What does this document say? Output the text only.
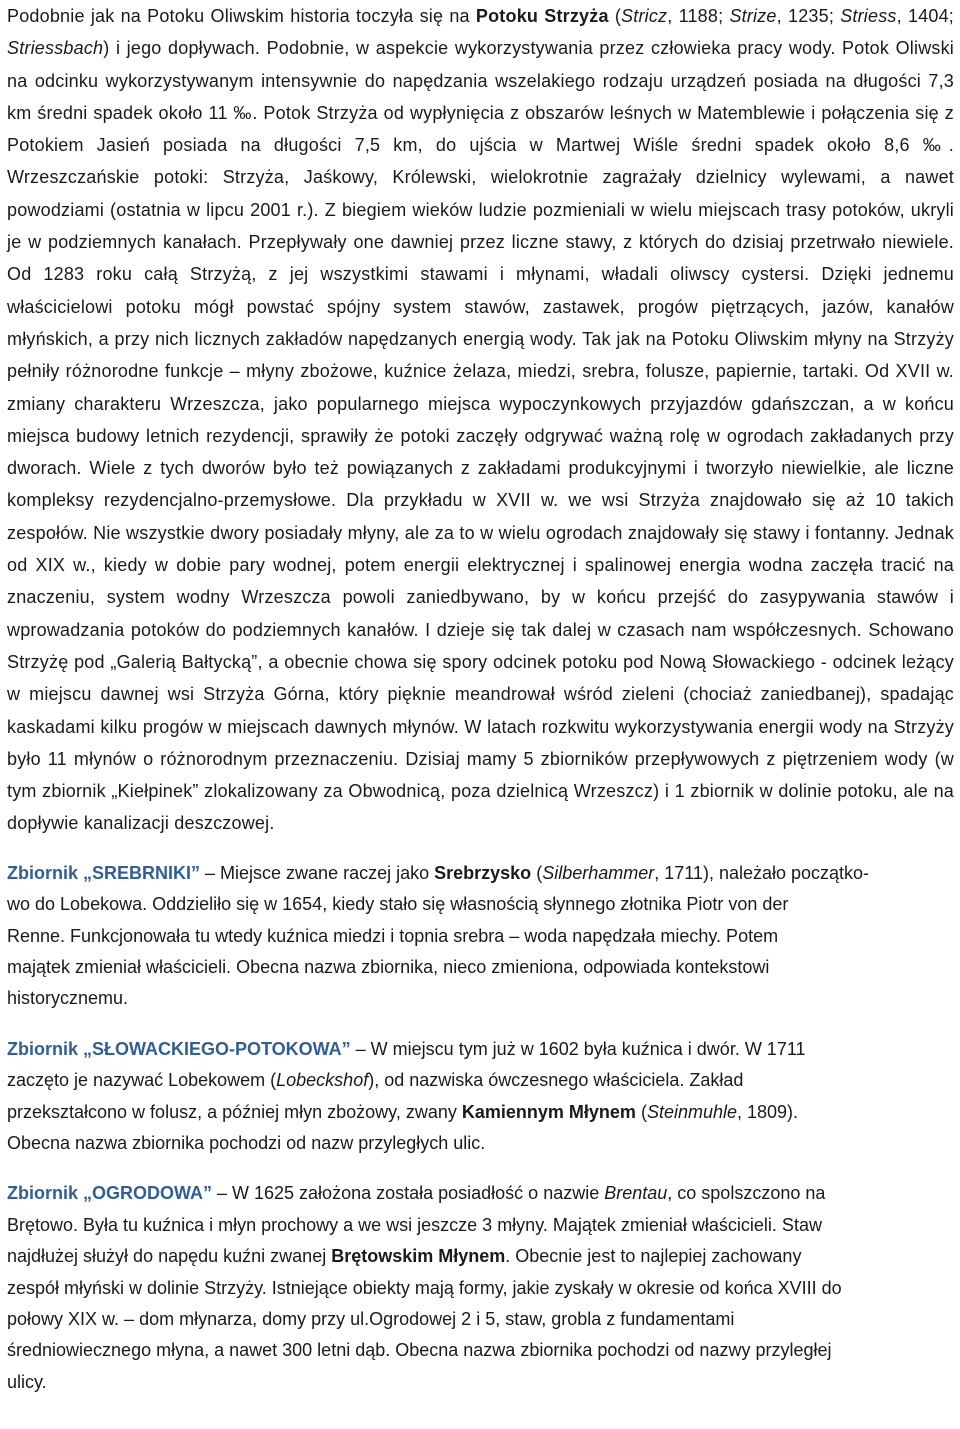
Podobnie jak na Potoku Oliwskim historia toczyła się na Potoku Strzyża (Stricz, 1188; Strize, 1235; Striess, 1404; Striessbach) i jego dopływach. Podobnie, w aspekcie wykorzystywania przez człowieka pracy wody. Potok Oliwski na odcinku wykorzystywanym intensywnie do napędzania wszelakiego rodzaju urządzeń posiada na długości 7,3 km średni spadek około 11 ‰. Potok Strzyża od wypłynięcia z obszarów leśnych w Matemblewie i połączenia się z Potokiem Jasień posiada na długości 7,5 km, do ujścia w Martwej Wiśle średni spadek około 8,6 ‰. Wrzeszczańskie potoki: Strzyża, Jaśkowy, Królewski, wielokrotnie zagrażały dzielnicy wylewami, a nawet powodziami (ostatnia w lipcu 2001 r.). Z biegiem wieków ludzie pozmieniali w wielu miejscach trasy potoków, ukryli je w podziemnych kanałach. Przepływały one dawniej przez liczne stawy, z których do dzisiaj przetrwało niewiele. Od 1283 roku całą Strzyżą, z jej wszystkimi stawami i młynami, władali oliwscy cystersi. Dzięki jednemu właścicielowi potoku mógł powstać spójny system stawów, zastawek, progów piętrzących, jazów, kanałów młyńskich, a przy nich licznych zakładów napędzanych energią wody. Tak jak na Potoku Oliwskim młyny na Strzyży pełniły różnorodne funkcje – młyny zbożowe, kuźnice żelaza, miedzi, srebra, folusze, papiernie, tartaki. Od XVII w. zmiany charakteru Wrzeszcza, jako popularnego miejsca wypoczynkowych przyjazdów gdańszczan, a w końcu miejsca budowy letnich rezydencji, sprawiły że potoki zaczęły odgrywać ważną rolę w ogrodach zakładanych przy dworach. Wiele z tych dworów było też powiązanych z zakładami produkcyjnymi i tworzyło niewielkie, ale liczne kompleksy rezydencjalno-przemysłowe. Dla przykładu w XVII w. we wsi Strzyża znajdowało się aż 10 takich zespołów. Nie wszystkie dwory posiadały młyny, ale za to w wielu ogrodach znajdowały się stawy i fontanny. Jednak od XIX w., kiedy w dobie pary wodnej, potem energii elektrycznej i spalinowej energia wodna zaczęła tracić na znaczeniu, system wodny Wrzeszcza powoli zaniedbywano, by w końcu przejść do zasypywania stawów i wprowadzania potoków do podziemnych kanałów. I dzieje się tak dalej w czasach nam współczesnych. Schowano Strzyżę pod „Galerią Bałtycką”, a obecnie chowa się spory odcinek potoku pod Nową Słowackiego - odcinek leżący w miejscu dawnej wsi Strzyża Górna, który pięknie meandrował wśród zieleni (chociaż zaniedbanej), spadając kaskadami kilku progów w miejscach dawnych młynów. W latach rozkwitu wykorzystywania energii wody na Strzyży było 11 młynów o różnorodnym przeznaczeniu. Dzisiaj mamy 5 zbiorników przepływowych z piętrzeniem wody (w tym zbiornik „Kiełpinek” zlokalizowany za Obwodnicą, poza dzielnicą Wrzeszcz) i 1 zbiornik w dolinie potoku, ale na dopływie kanalizacji deszczowej.

Zbiornik „SREBRNIKI” – Miejsce zwane raczej jako Srebrzysko (Silberhammer, 1711), należało początko-
wo do Lobekowa. Oddzieliło się w 1654, kiedy stało się własnością słynnego złotnika Piotr von der
Renne. Funkcjonowała tu wtedy kuźnica miedzi i topnia srebra – woda napędzała miechy. Potem
majątek zmieniał właścicieli. Obecna nazwa zbiornika, nieco zmieniona, odpowiada kontekstowi
historycznemu.

Zbiornik „SŁOWACKIEGO-POTOKOWA” – W miejscu tym już w 1602 była kuźnica i dwór. W 1711
zaczęto je nazywać Lobekowem (Lobeckshof), od nazwiska ówczesnego właściciela. Zakład
przekształcono w folusz, a później młyn zbożowy, zwany Kamiennym Młynem (Steinmuhle, 1809).
Obecna nazwa zbiornika pochodzi od nazw przyległych ulic.

Zbiornik „OGRODOWA” – W 1625 założona została posiadłość o nazwie Brentau, co spolszczono na
Brętowo. Była tu kuźnica i młyn prochowy a we wsi jeszcze 3 młyny. Majątek zmieniał właścicieli. Staw
najdłużej służył do napędu kuźni zwanej Brętowskim Młynem. Obecnie jest to najlepiej zachowany
zespół młyński w dolinie Strzyży. Istniejące obiekty mają formy, jakie zyskały w okresie od końca XVIII do
połowy XIX w. – dom młynarza, domy przy ul.Ogrodowej 2 i 5, staw, grobla z fundamentami
średniowiecznego młyna, a nawet 300 letni dąb. Obecna nazwa zbiornika pochodzi od nazwy przyległej
ulicy.
